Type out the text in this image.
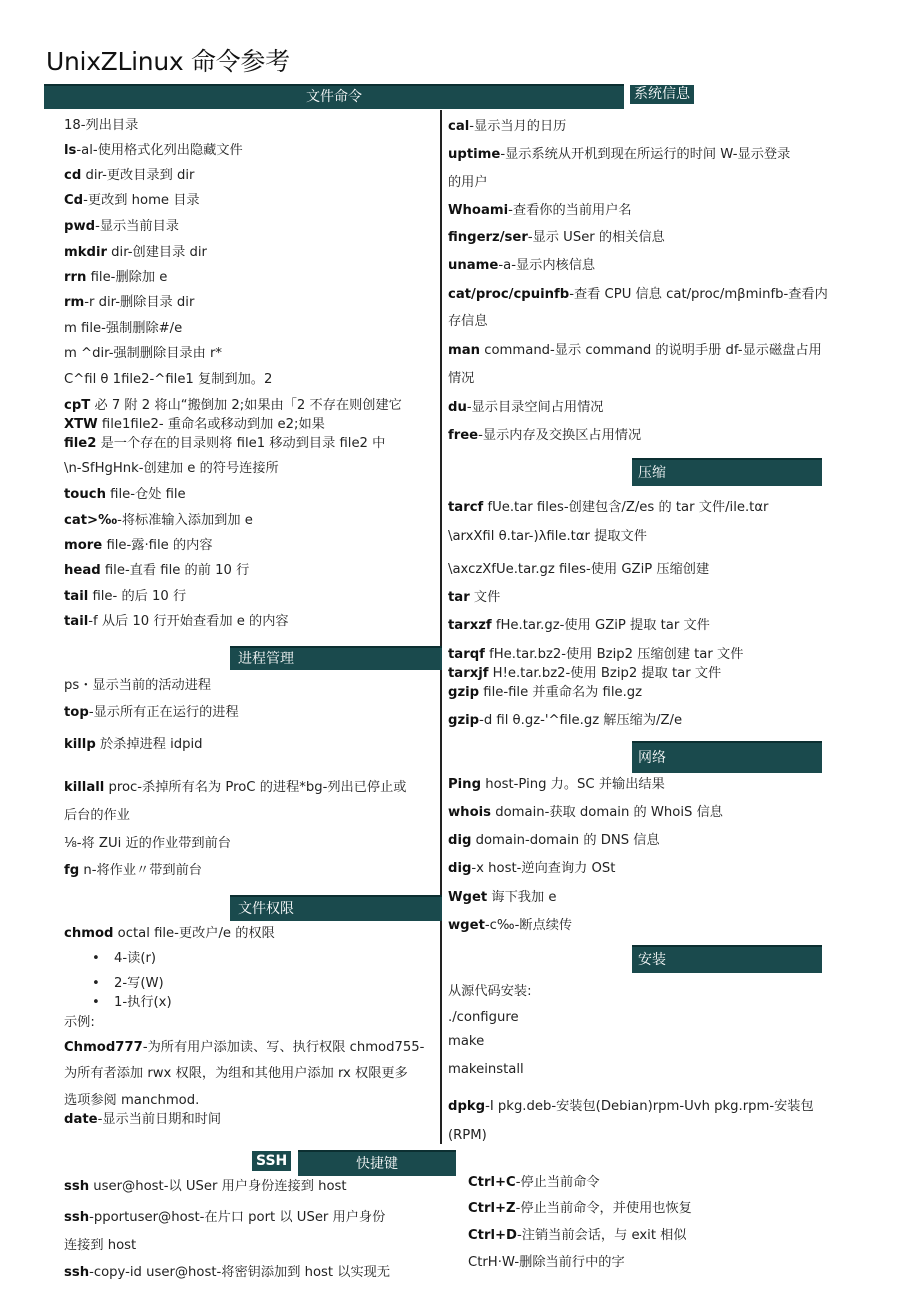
UnixZLinux 命令参考
文件命令	系统信息
压缩
进程管理
网络
文件权限
安装
SSH	快捷键
18-列出目录
ls-al-使用格式化列出隐藏文件
cd dir-更改目录到 dir
Cd-更改到 home 目录
pwd-显示当前目录
mkdir dir-创建目录 dir
rrn file-删除加 e
rm-r dir-删除目录 dir
m file-强制删除#/e
m ^dir-强制删除目录由 r*
C^fil θ 1file2-^file1 复制到加。2
cpT 必 7 附 2 将山“搬倒加 2;如果由「2 不存在则创建它
XTW file1file2- 重命名或移动到加 e2;如果
file2 是一个存在的目录则将 file1 移动到目录 file2 中
\n-SfHgHnk-创建加 e 的符号连接所
touch file-仓处 file
cat>‰-将标准输入添加到加 e
more file-露·file 的内容
head file-直看 file 的前 10 行
tail file- 的后 10 行
tail-f 从后 10 行开始查看加 e 的内容
ps・显示当前的活动进程
top-显示所有正在运行的进程
killp 於杀掉进程 idpid
killall proc-杀掉所有名为 ProC 的进程*bg-列出已停止或
后台的作业
⅛-将 ZUi 近的作业带到前台
fg n-将作业〃带到前台
chmod octal file-更改户/e 的权限
• 4-读(r)
• 2-写(W)
• 1-执行(x)
示例:
Chmod777-为所有用户添加读、写、执行权限 chmod755-
为所有者添加 rwx 权限，为组和其他用户添加 rx 权限更多
选项参阅 manchmod.
date-显示当前日期和时间
ssh user@host-以 USer 用户身份连接到 host
ssh-pportuser@host-在片口 port 以 USer 用户身份
连接到 host
ssh-copy-id user@host-将密钥添加到 host 以实现无
cal-显示当月的日历
uptime-显示系统从开机到现在所运行的时间 W-显示登录
的用户
Whoami-查看你的当前用户名
fingerz/ser-显示 USer 的相关信息
uname-a-显示内核信息
cat/proc/cpuinfb-查看 CPU 信息 cat/proc/mβminfb-查看内
存信息
man command-显示 command 的说明手册 df-显示磁盘占用
情况
du-显示目录空间占用情况
free-显示内存及交换区占用情况
tarcf fUe.tar files-创建包含/Z/es 的 tar 文件/ile.tαr
\arxXfil θ.tar-)λfile.tαr 提取文件
\axczXfUe.tar.gz files-使用 GZiP 压缩创建
tar 文件
tarxzf fHe.tar.gz-使用 GZiP 提取 tar 文件
tarqf fHe.tar.bz2-使用 Bzip2 压缩创建 tar 文件
tarxjf H!e.tar.bz2-使用 Bzip2 提取 tar 文件
gzip file-file 并重命名为 file.gz
gzip-d fil θ.gz-'^file.gz 解压缩为/Z/e
Ping host-Ping 力。SC 并输出结果
whois domain-获取 domain 的 WhoiS 信息
dig domain-domain 的 DNS 信息
dig-x host-逆向查询力 OSt
Wget 诲下我加 e
wget-c‰-断点续传
从源代码安装:
./configure
make
makeinstall
dpkg-I pkg.deb-安装包(Debian)rpm-Uvh pkg.rpm-安装包
(RPM)
Ctrl+C-停止当前命令
Ctrl+Z-停止当前命令，并使用也恢复
Ctrl+D-注销当前会话，与 exit 相似
CtrH·W-删除当前行中的字
